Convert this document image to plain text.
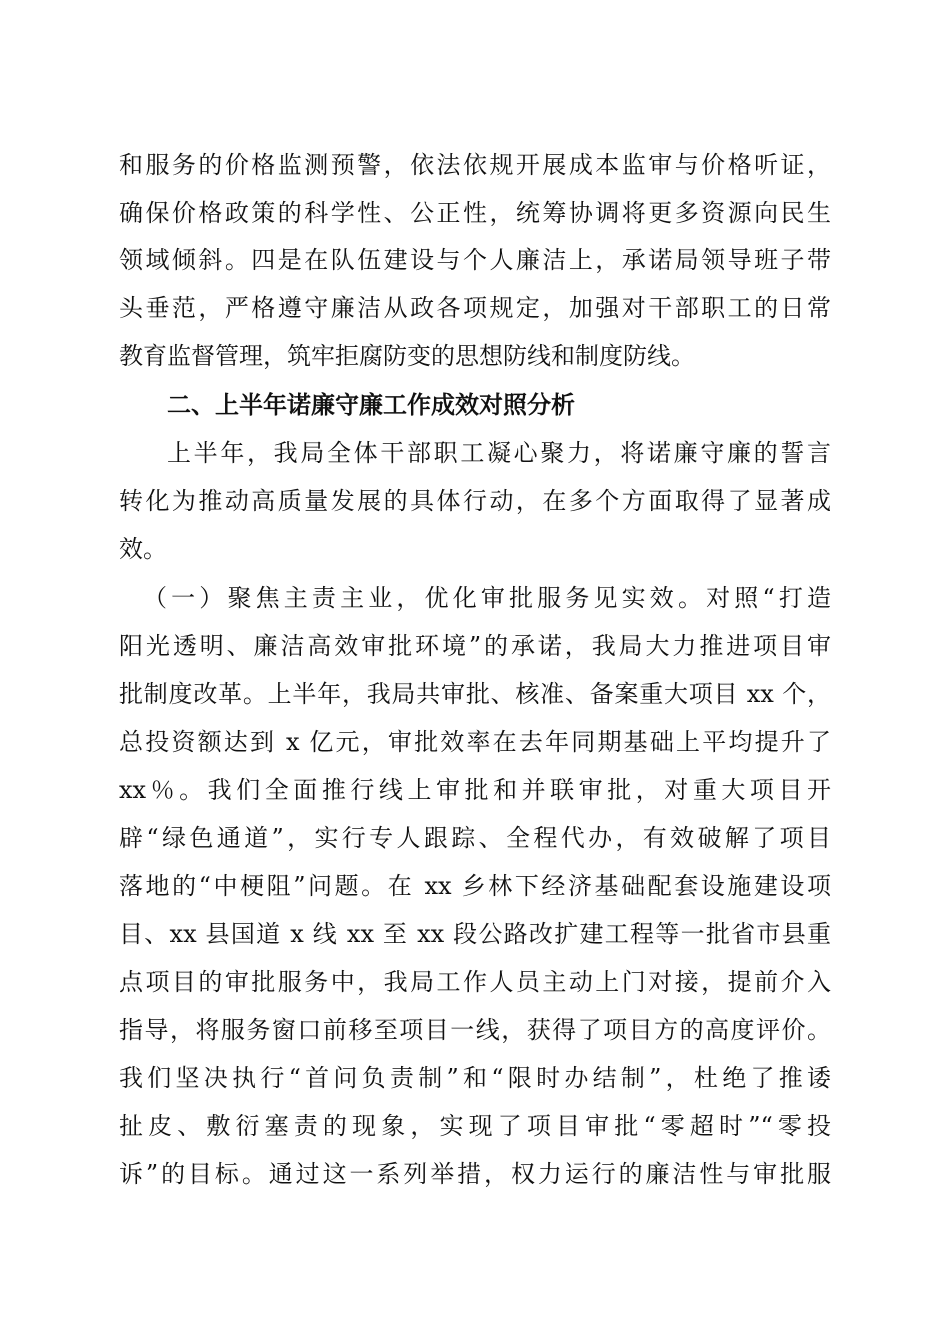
和服务的价格监测预警，依法依规开展成本监审与价格听证，
确保价格政策的科学性、公正性，统筹协调将更多资源向民生
领域倾斜。四是在队伍建设与个人廉洁上，承诺局领导班子带
头垂范，严格遵守廉洁从政各项规定，加强对干部职工的日常
教育监督管理，筑牢拒腐防变的思想防线和制度防线。
二、上半年诺廉守廉工作成效对照分析
上半年，我局全体干部职工凝心聚力，将诺廉守廉的誓言
转化为推动高质量发展的具体行动，在多个方面取得了显著成
效。
（一）聚焦主责主业，优化审批服务见实效。对照“打造
阳光透明、廉洁高效审批环境”的承诺，我局大力推进项目审
批制度改革。上半年，我局共审批、核准、备案重大项目 xx 个，
总投资额达到 x 亿元，审批效率在去年同期基础上平均提升了
xx％。我们全面推行线上审批和并联审批，对重大项目开
辟“绿色通道”，实行专人跟踪、全程代办，有效破解了项目
落地的“中梗阻”问题。在 xx 乡林下经济基础配套设施建设项
目、xx 县国道 x 线 xx 至 xx 段公路改扩建工程等一批省市县重
点项目的审批服务中，我局工作人员主动上门对接，提前介入
指导，将服务窗口前移至项目一线，获得了项目方的高度评价。
我们坚决执行“首问负责制”和“限时办结制”，杜绝了推诿
扯皮、敷衍塞责的现象，实现了项目审批“零超时”“零投
诉”的目标。通过这一系列举措，权力运行的廉洁性与审批服
